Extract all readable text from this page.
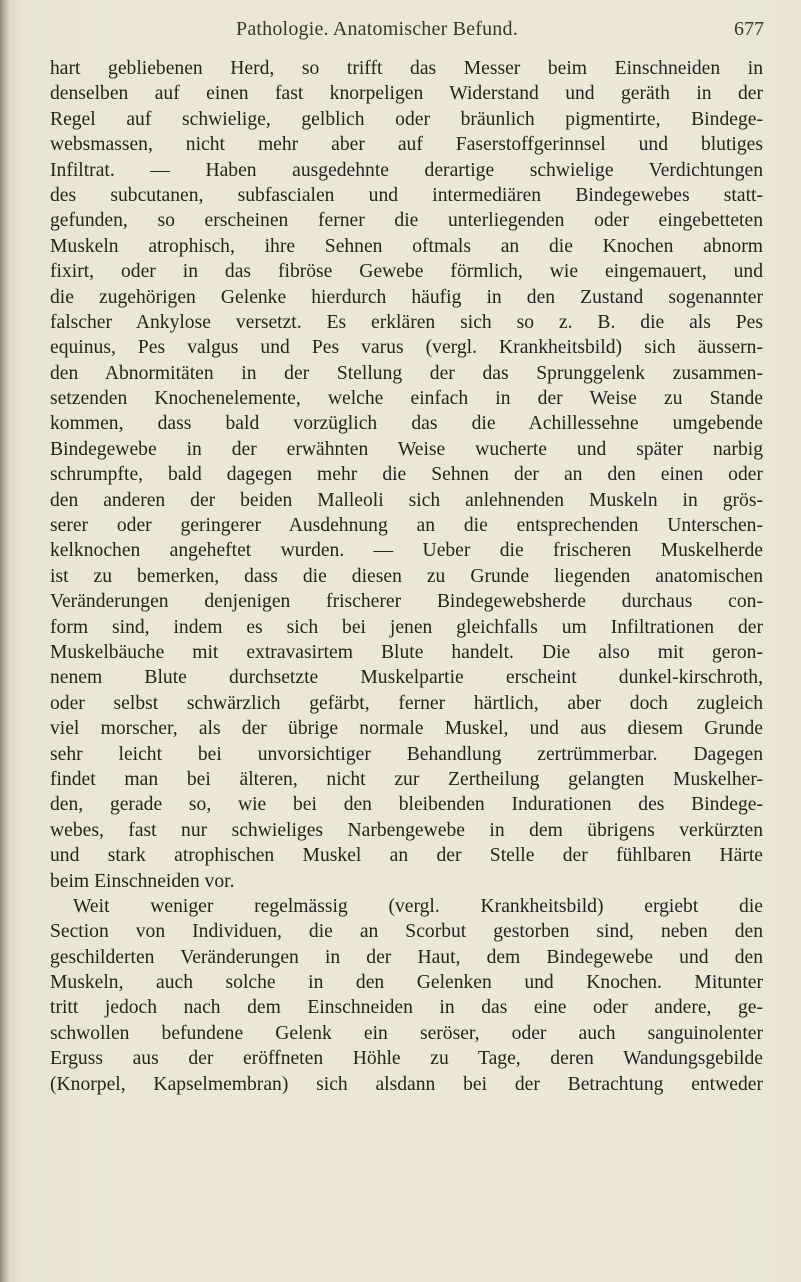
Pathologie. Anatomischer Befund.	677
hart gebliebenen Herd, so trifft das Messer beim Einschneiden in
denselben auf einen fast knorpeligen Widerstand und geräth in der
Regel auf schwielige, gelblich oder bräunlich pigmentirte, Bindege-
websmassen, nicht mehr aber auf Faserstoffgerinnsel und blutiges
Infiltrat. — Haben ausgedehnte derartige schwielige Verdichtungen
des subcutanen, subfascialen und intermediären Bindegewebes statt-
gefunden, so erscheinen ferner die unterliegenden oder eingebetteten
Muskeln atrophisch, ihre Sehnen oftmals an die Knochen abnorm
fixirt, oder in das fibröse Gewebe förmlich, wie eingemauert, und
die zugehörigen Gelenke hierdurch häufig in den Zustand sogenannter
falscher Ankylose versetzt. Es erklären sich so z. B. die als Pes
equinus, Pes valgus und Pes varus (vergl. Krankheitsbild) sich äussern-
den Abnormitäten in der Stellung der das Sprunggelenk zusammen-
setzenden Knochenelemente, welche einfach in der Weise zu Stande
kommen, dass bald vorzüglich das die Achillessehne umgebende
Bindegewebe in der erwähnten Weise wucherte und später narbig
schrumpfte, bald dagegen mehr die Sehnen der an den einen oder
den anderen der beiden Malleoli sich anlehnenden Muskeln in grös-
serer oder geringerer Ausdehnung an die entsprechenden Unterschen-
kelknochen angeheftet wurden. — Ueber die frischeren Muskelherde
ist zu bemerken, dass die diesen zu Grunde liegenden anatomischen
Veränderungen denjenigen frischerer Bindegewebsherde durchaus con-
form sind, indem es sich bei jenen gleichfalls um Infiltrationen der
Muskelbäuche mit extravasirtem Blute handelt. Die also mit geron-
nenem Blute durchsetzte Muskelpartie erscheint dunkel-kirschroth,
oder selbst schwärzlich gefärbt, ferner härtlich, aber doch zugleich
viel morscher, als der übrige normale Muskel, und aus diesem Grunde
sehr leicht bei unvorsichtiger Behandlung zertrümmerbar. Dagegen
findet man bei älteren, nicht zur Zertheilung gelangten Muskelher-
den, gerade so, wie bei den bleibenden Indurationen des Bindege-
webes, fast nur schwieliges Narbengewebe in dem übrigens verkürzten
und stark atrophischen Muskel an der Stelle der fühlbaren Härte
beim Einschneiden vor.
Weit weniger regelmässig (vergl. Krankheitsbild) ergiebt die
Section von Individuen, die an Scorbut gestorben sind, neben den
geschilderten Veränderungen in der Haut, dem Bindegewebe und den
Muskeln, auch solche in den Gelenken und Knochen. Mitunter
tritt jedoch nach dem Einschneiden in das eine oder andere, ge-
schwollen befundene Gelenk ein seröser, oder auch sanguinolenter
Erguss aus der eröffneten Höhle zu Tage, deren Wandungsgebilde
(Knorpel, Kapselmembran) sich alsdann bei der Betrachtung entweder
